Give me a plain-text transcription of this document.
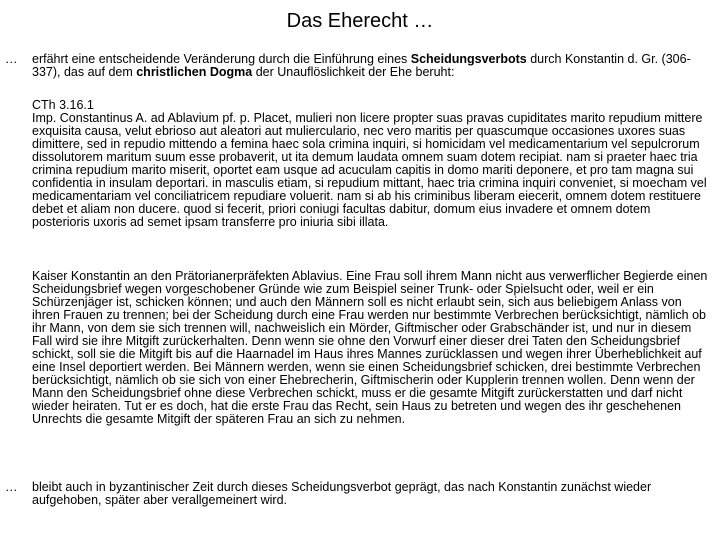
Das Eherecht …
… erfährt eine entscheidende Veränderung durch die Einführung eines Scheidungsverbots durch Konstantin d. Gr. (306-337), das auf dem christlichen Dogma der Unauflöslichkeit der Ehe beruht:
CTh 3.16.1
Imp. Constantinus A. ad Ablavium pf. p. Placet, mulieri non licere propter suas pravas cupiditates marito repudium mittere exquisita causa, velut ebrioso aut aleatori aut mulierculario, nec vero maritis per quascumque occasiones uxores suas dimittere, sed in repudio mittendo a femina haec sola crimina inquiri, si homicidam vel medicamentarium vel sepulcrorum dissolutorem maritum suum esse probaverit, ut ita demum laudata omnem suam dotem recipiat. nam si praeter haec tria crimina repudium marito miserit, oportet eam usque ad acuculam capitis in domo mariti deponere, et pro tam magna sui confidentia in insulam deportari. in masculis etiam, si repudium mittant, haec tria crimina inquiri conveniet, si moecham vel medicamentariam vel conciliatricem repudiare voluerit. nam si ab his criminibus liberam eiecerit, omnem dotem restituere debet et aliam non ducere. quod si fecerit, priori coniugi facultas dabitur, domum eius invadere et omnem dotem posterioris uxoris ad semet ipsam transferre pro iniuria sibi illata.
Kaiser Konstantin an den Prätorianerpräfekten Ablavius. Eine Frau soll ihrem Mann nicht aus verwerflicher Begierde einen Scheidungsbrief wegen vorgeschobener Gründe wie zum Beispiel seiner Trunk- oder Spielsucht oder, weil er ein Schürzenjäger ist, schicken können; und auch den Männern soll es nicht erlaubt sein, sich aus beliebigem Anlass von ihren Frauen zu trennen; bei der Scheidung durch eine Frau werden nur bestimmte Verbrechen berücksichtigt, nämlich ob ihr Mann, von dem sie sich trennen will, nachweislich ein Mörder, Giftmischer oder Grabschänder ist, und nur in diesem Fall wird sie ihre Mitgift zurückerhalten. Denn wenn sie ohne den Vorwurf einer dieser drei Taten den Scheidungsbrief schickt, soll sie die Mitgift bis auf die Haarnadel im Haus ihres Mannes zurücklassen und wegen ihrer Überheblichkeit auf eine Insel deportiert werden. Bei Männern werden, wenn sie einen Scheidungsbrief schicken, drei bestimmte Verbrechen berücksichtigt, nämlich ob sie sich von einer Ehebrecherin, Giftmischerin oder Kupplerin trennen wollen. Denn wenn der Mann den Scheidungsbrief ohne diese Verbrechen schickt, muss er die gesamte Mitgift zurückerstatten und darf nicht wieder heiraten. Tut er es doch, hat die erste Frau das Recht, sein Haus zu betreten und wegen des ihr geschehenen Unrechts die gesamte Mitgift der späteren Frau an sich zu nehmen.
… bleibt auch in byzantinischer Zeit durch dieses Scheidungsverbot geprägt, das nach Konstantin zunächst wieder aufgehoben, später aber verallgemeinert wird.
